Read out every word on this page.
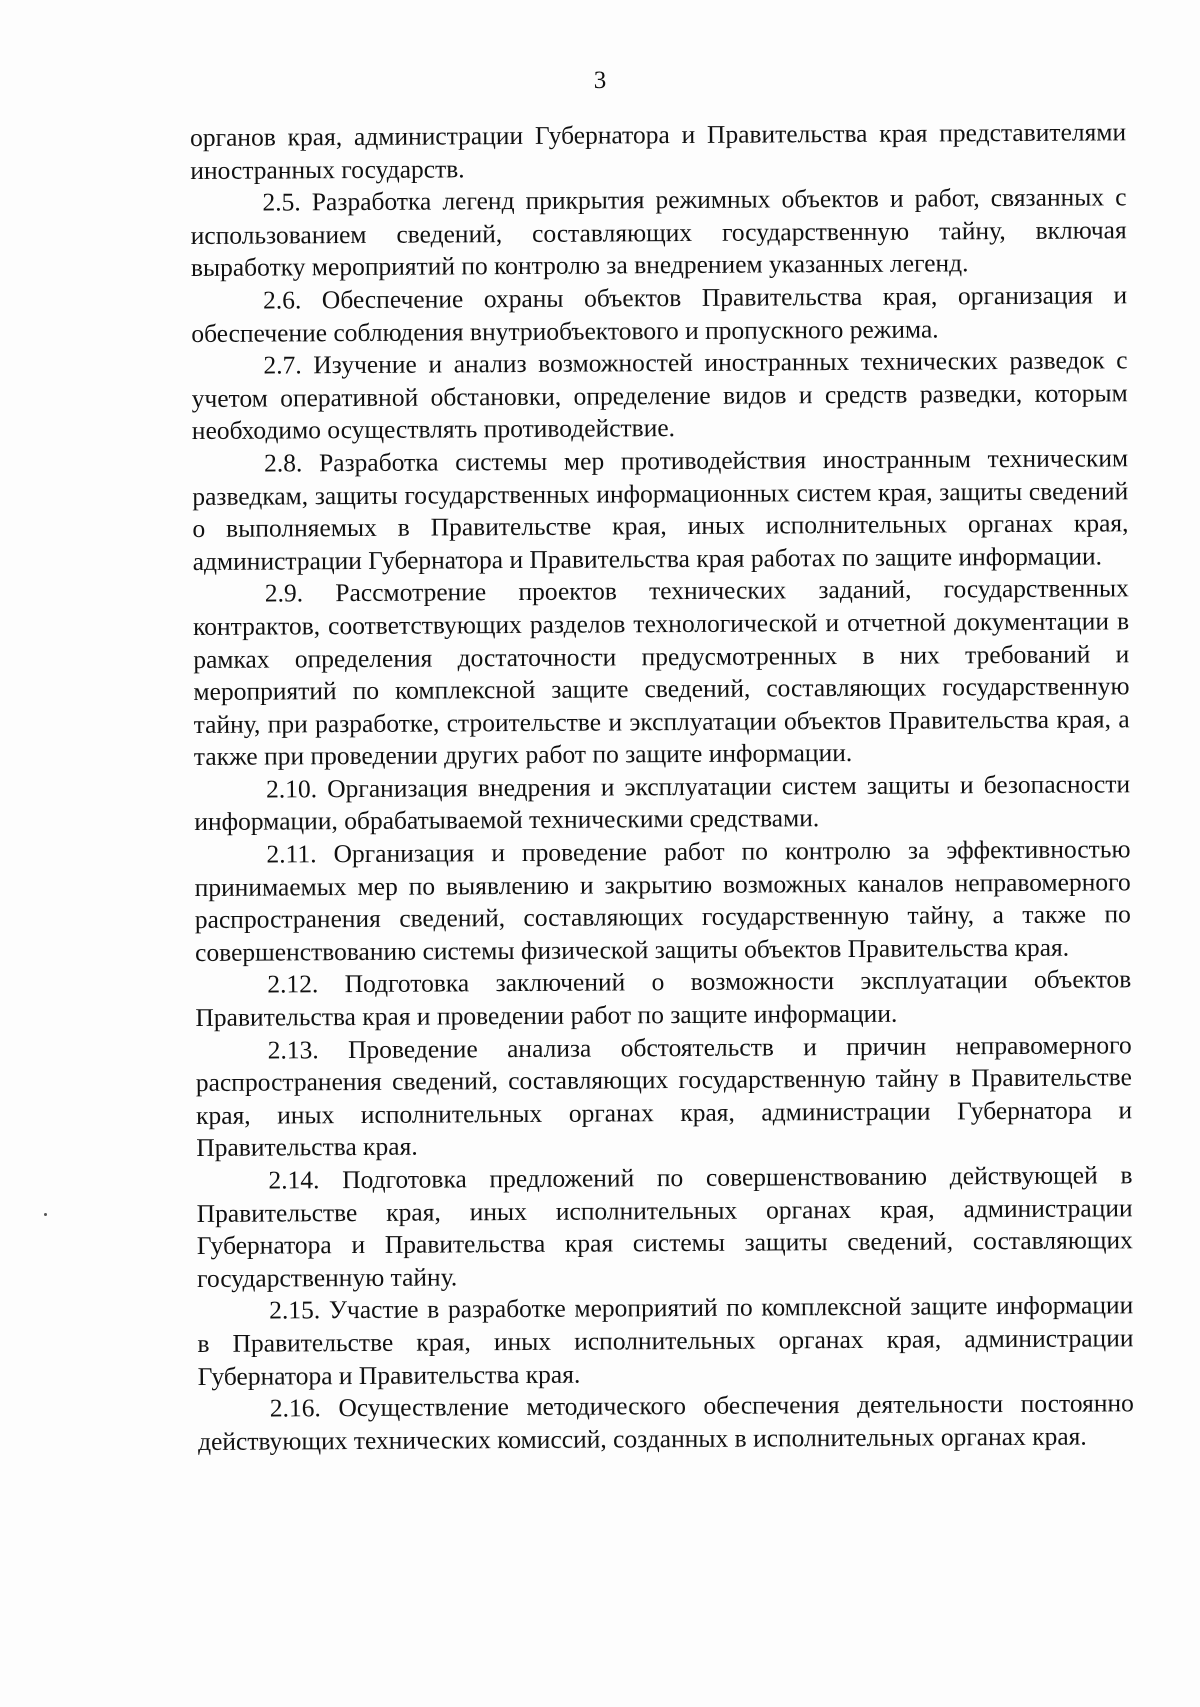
3

органов края, администрации Губернатора и Правительства края представителями иностранных государств.

2.5. Разработка легенд прикрытия режимных объектов и работ, связанных с использованием сведений, составляющих государственную тайну, включая выработку мероприятий по контролю за внедрением указанных легенд.

2.6. Обеспечение охраны объектов Правительства края, организация и обеспечение соблюдения внутриобъектового и пропускного режима.

2.7. Изучение и анализ возможностей иностранных технических разведок с учетом оперативной обстановки, определение видов и средств разведки, которым необходимо осуществлять противодействие.

2.8. Разработка системы мер противодействия иностранным техническим разведкам, защиты государственных информационных систем края, защиты сведений о выполняемых в Правительстве края, иных исполнительных органах края, администрации Губернатора и Правительства края работах по защите информации.

2.9. Рассмотрение проектов технических заданий, государственных контрактов, соответствующих разделов технологической и отчетной документации в рамках определения достаточности предусмотренных в них требований и мероприятий по комплексной защите сведений, составляющих государственную тайну, при разработке, строительстве и эксплуатации объектов Правительства края, а также при проведении других работ по защите информации.

2.10. Организация внедрения и эксплуатации систем защиты и безопасности информации, обрабатываемой техническими средствами.

2.11. Организация и проведение работ по контролю за эффективностью принимаемых мер по выявлению и закрытию возможных каналов неправомерного распространения сведений, составляющих государственную тайну, а также по совершенствованию системы физической защиты объектов Правительства края.

2.12. Подготовка заключений о возможности эксплуатации объектов Правительства края и проведении работ по защите информации.

2.13. Проведение анализа обстоятельств и причин неправомерного распространения сведений, составляющих государственную тайну в Правительстве края, иных исполнительных органах края, администрации Губернатора и Правительства края.

2.14. Подготовка предложений по совершенствованию действующей в Правительстве края, иных исполнительных органах края, администрации Губернатора и Правительства края системы защиты сведений, составляющих государственную тайну.

2.15. Участие в разработке мероприятий по комплексной защите информации в Правительстве края, иных исполнительных органах края, администрации Губернатора и Правительства края.

2.16. Осуществление методического обеспечения деятельности постоянно действующих технических комиссий, созданных в исполнительных органах края.
